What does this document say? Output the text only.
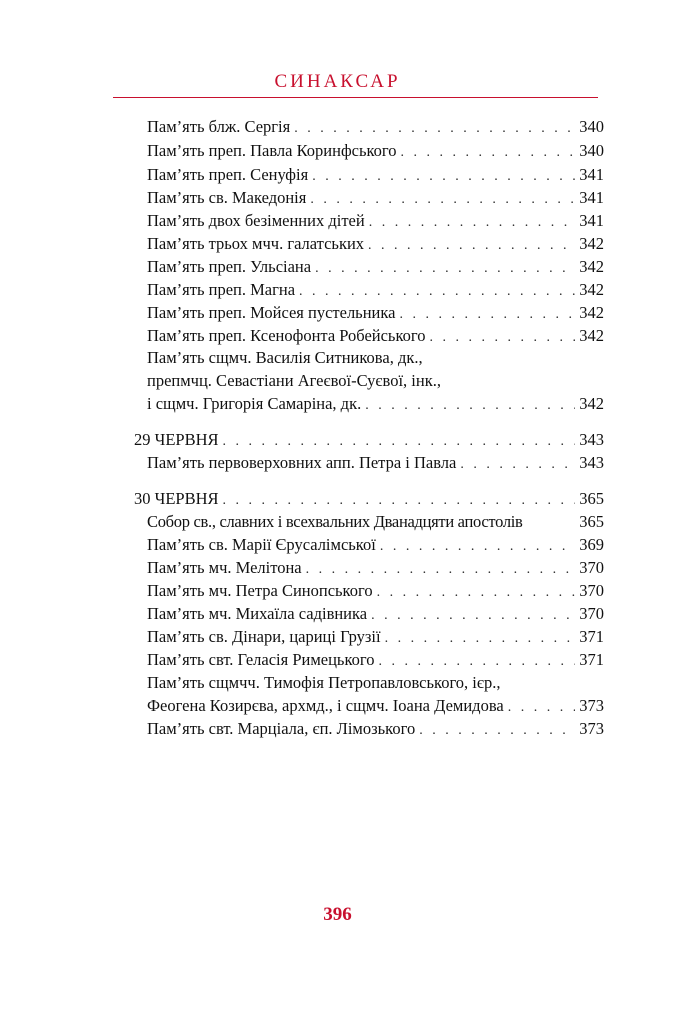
СИНАКСАР
Пам’ять блж. Сергія . . .	340
Пам’ять преп. Павла Коринфського . . .	340
Пам’ять преп. Сенуфія . . .	341
Пам’ять св. Македонія . . .	341
Пам’ять двох безіменних дітей . . .	341
Пам’ять трьох мчч. галатських . . .	342
Пам’ять преп. Ульсіана . . .	342
Пам’ять преп. Магна . . .	342
Пам’ять преп. Мойсея пустельника . . .	342
Пам’ять преп. Ксенофонта Робейського . . .	342
Пам’ять сщмч. Василія Ситникова, дк.,
препмчц. Севастіани Агеєвої-Суєвої, інк.,
і сщмч. Григорія Самаріна, дк. . . .	342
29 ЧЕРВНЯ . . .	343
Пам’ять первоверховних апп. Петра і Павла . . .	343
30 ЧЕРВНЯ . . .	365
Собор св., славних і всехвальних Дванадцяти апостолів	365
Пам’ять св. Марії Єрусалімської . . .	369
Пам’ять мч. Мелітона . . .	370
Пам’ять мч. Петра Синопського . . .	370
Пам’ять мч. Михаїла садівника . . .	370
Пам’ять св. Дінари, цариці Грузії . . .	371
Пам’ять свт. Геласія Римецького . . .	371
Пам’ять сщмчч. Тимофія Петропавловського, ієр.,
Феогена Козирєва, архмд., і сщмч. Іоана Демидова . . .	373
Пам’ять свт. Марціала, єп. Лімозького . . .	373
396
